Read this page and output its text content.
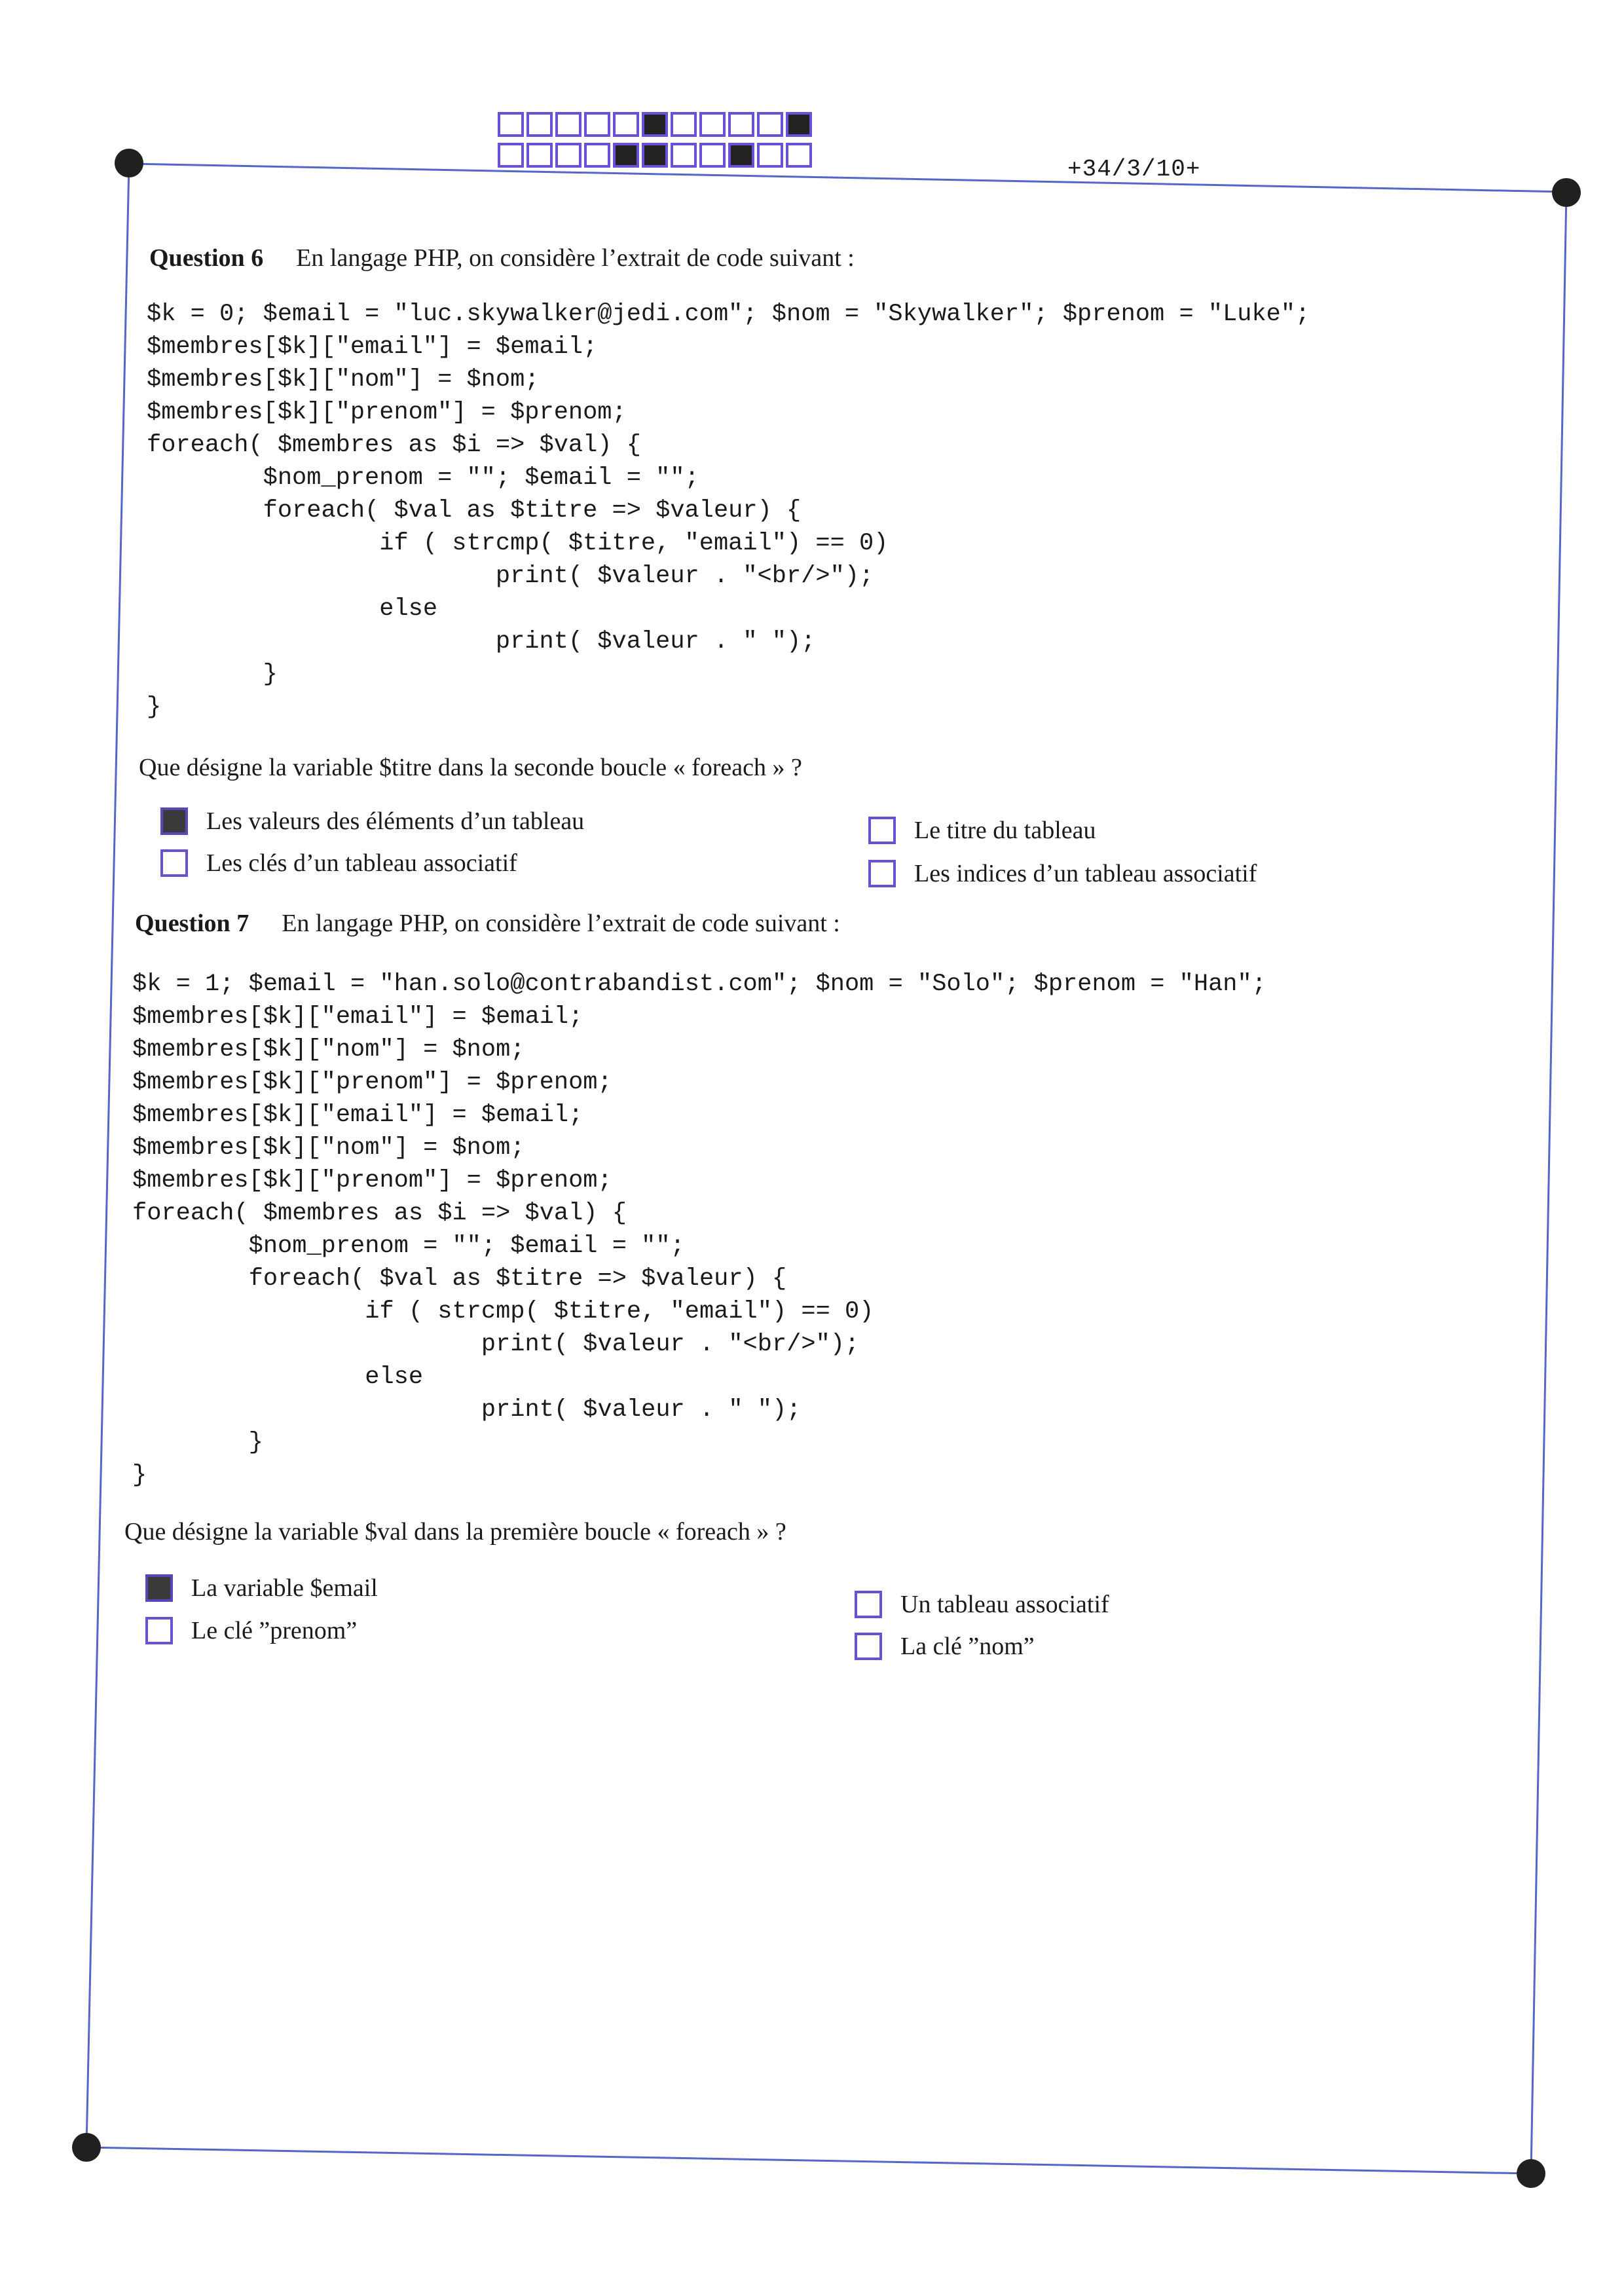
+34/3/10+
Question 6 En langage PHP, on considère l’extrait de code suivant :
$k = 0; $email = "luc.skywalker@jedi.com"; $nom = "Skywalker"; $prenom = "Luke";
$membres[$k]["email"] = $email;
$membres[$k]["nom"] = $nom;
$membres[$k]["prenom"] = $prenom;
foreach( $membres as $i => $val) {
$nom_prenom = ""; $email = "";
foreach( $val as $titre => $valeur) {
if ( strcmp( $titre, "email") == 0)
print( $valeur . "<br/>");
else
print( $valeur . " ");
}
}
Que désigne la variable $titre dans la seconde boucle « foreach » ?
Les valeurs des éléments d’un tableau
Les clés d’un tableau associatif
Le titre du tableau
Les indices d’un tableau associatif
Question 7 En langage PHP, on considère l’extrait de code suivant :
$k = 1; $email = "han.solo@contrabandist.com"; $nom = "Solo"; $prenom = "Han";
$membres[$k]["email"] = $email;
$membres[$k]["nom"] = $nom;
$membres[$k]["prenom"] = $prenom;
$membres[$k]["email"] = $email;
$membres[$k]["nom"] = $nom;
$membres[$k]["prenom"] = $prenom;
foreach( $membres as $i => $val) {
$nom_prenom = ""; $email = "";
foreach( $val as $titre => $valeur) {
if ( strcmp( $titre, "email") == 0)
print( $valeur . "<br/>");
else
print( $valeur . " ");
}
}
Que désigne la variable $val dans la première boucle « foreach » ?
La variable $email
Le clé ”prenom”
Un tableau associatif
La clé ”nom”
